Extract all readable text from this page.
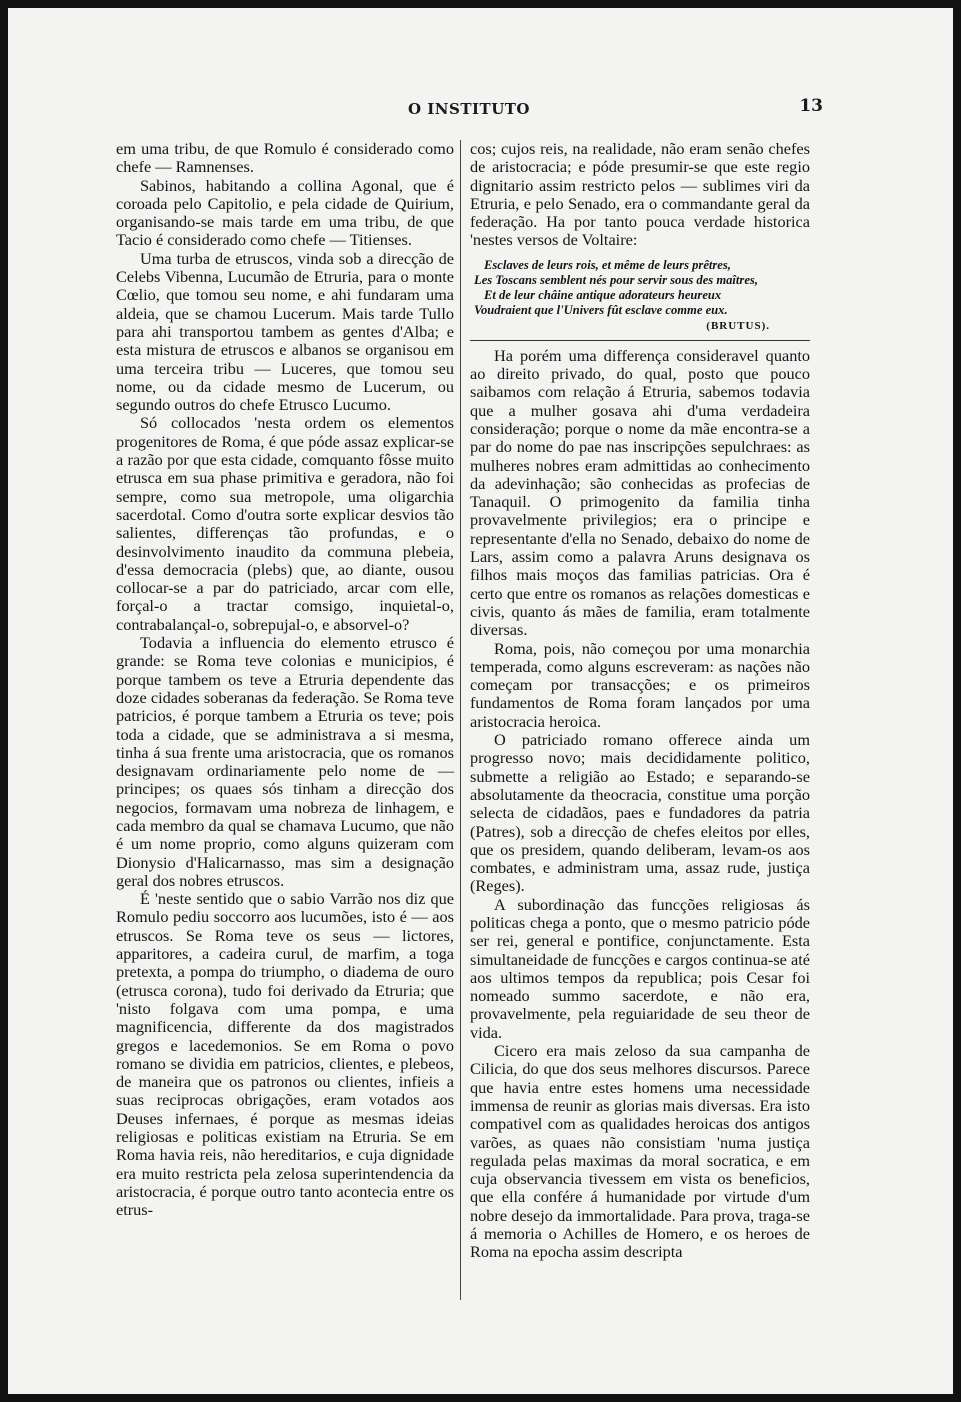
O INSTITUTO	13

em uma tribu, de que Romulo é considerado como chefe — Ramnenses.

Sabinos, habitando a collina Agonal, que é coroada pelo Capitolio, e pela cidade de Quirium, organisando-se mais tarde em uma tribu, de que Tacio é considerado como chefe — Titienses.

Uma turba de etruscos, vinda sob a direcção de Celebs Vibenna, Lucumão de Etruria, para o monte Cœlio, que tomou seu nome, e ahi fundaram uma aldeia, que se chamou Lucerum. Mais tarde Tullo para ahi transportou tambem as gentes d'Alba; e esta mistura de etruscos e albanos se organisou em uma terceira tribu — Luceres, que tomou seu nome, ou da cidade mesmo de Lucerum, ou segundo outros do chefe Etrusco Lucumo.

Só collocados 'nesta ordem os elementos progenitores de Roma, é que póde assaz explicar-se a razão por que esta cidade, comquanto fôsse muito etrusca em sua phase primitiva e geradora, não foi sempre, como sua metropole, uma oligarchia sacerdotal. Como d'outra sorte explicar desvios tão salientes, differenças tão profundas, e o desinvolvimento inaudito da communa plebeia, d'essa democracia (plebs) que, ao diante, ousou collocar-se a par do patriciado, arcar com elle, forçal-o a tractar comsigo, inquietal-o, contrabalançal-o, sobrepujal-o, e absorvel-o?

Todavia a influencia do elemento etrusco é grande: se Roma teve colonias e municipios, é porque tambem os teve a Etruria dependente das doze cidades soberanas da federação. Se Roma teve patricios, é porque tambem a Etruria os teve; pois toda a cidade, que se administrava a si mesma, tinha á sua frente uma aristocracia, que os romanos designavam ordinariamente pelo nome de — principes; os quaes sós tinham a direcção dos negocios, formavam uma nobreza de linhagem, e cada membro da qual se chamava Lucumo, que não é um nome proprio, como alguns quizeram com Dionysio d'Halicarnasso, mas sim a designação geral dos nobres etruscos.

É 'neste sentido que o sabio Varrão nos diz que Romulo pediu soccorro aos lucumões, isto é — aos etruscos. Se Roma teve os seus — lictores, apparitores, a cadeira curul, de marfim, a toga pretexta, a pompa do triumpho, o diadema de ouro (etrusca corona), tudo foi derivado da Etruria; que 'nisto folgava com uma pompa, e uma magnificencia, differente da dos magistrados gregos e lacedemonios. Se em Roma o povo romano se dividia em patricios, clientes, e plebeos, de maneira que os patronos ou clientes, infieis a suas reciprocas obrigações, eram votados aos Deuses infernaes, é porque as mesmas ideias religiosas e politicas existiam na Etruria. Se em Roma havia reis, não hereditarios, e cuja dignidade era muito restricta pela zelosa superintendencia da aristocracia, é porque outro tanto acontecia entre os etrus-

cos; cujos reis, na realidade, não eram senão chefes de aristocracia; e póde presumir-se que este regio dignitario assim restricto pelos — sublimes viri da Etruria, e pelo Senado, era o commandante geral da federação. Ha por tanto pouca verdade historica 'nestes versos de Voltaire:

Esclaves de leurs rois, et même de leurs prêtres,
Les Toscans semblent nés pour servir sous des maîtres,
Et de leur châine antique adorateurs heureux
Voudraient que l'Univers fût esclave comme eux.
(BRUTUS).

Ha porém uma differença consideravel quanto ao direito privado, do qual, posto que pouco saibamos com relação á Etruria, sabemos todavia que a mulher gosava ahi d'uma verdadeira consideração; porque o nome da mãe encontra-se a par do nome do pae nas inscripções sepulchraes: as mulheres nobres eram admittidas ao conhecimento da adevinhação; são conhecidas as profecias de Tanaquil. O primogenito da familia tinha provavelmente privilegios; era o principe e representante d'ella no Senado, debaixo do nome de Lars, assim como a palavra Aruns designava os filhos mais moços das familias patricias. Ora é certo que entre os romanos as relações domesticas e civis, quanto ás mães de familia, eram totalmente diversas.

Roma, pois, não começou por uma monarchia temperada, como alguns escreveram: as nações não começam por transacções; e os primeiros fundamentos de Roma foram lançados por uma aristocracia heroica.

O patriciado romano offerece ainda um progresso novo; mais decididamente politico, submette a religião ao Estado; e separando-se absolutamente da theocracia, constitue uma porção selecta de cidadãos, paes e fundadores da patria (Patres), sob a direcção de chefes eleitos por elles, que os presidem, quando deliberam, levam-os aos combates, e administram uma, assaz rude, justiça (Reges).

A subordinação das funcções religiosas ás politicas chega a ponto, que o mesmo patricio póde ser rei, general e pontifice, conjunctamente. Esta simultaneidade de funcções e cargos continua-se até aos ultimos tempos da republica; pois Cesar foi nomeado summo sacerdote, e não era, provavelmente, pela reguiaridade de seu theor de vida.

Cicero era mais zeloso da sua campanha de Cilicia, do que dos seus melhores discursos. Parece que havia entre estes homens uma necessidade immensa de reunir as glorias mais diversas. Era isto compativel com as qualidades heroicas dos antigos varões, as quaes não consistiam 'numa justiça regulada pelas maximas da moral socratica, e em cuja observancia tivessem em vista os beneficios, que ella confére á humanidade por virtude d'um nobre desejo da immortalidade. Para prova, traga-se á memoria o Achilles de Homero, e os heroes de Roma na epocha assim descripta
